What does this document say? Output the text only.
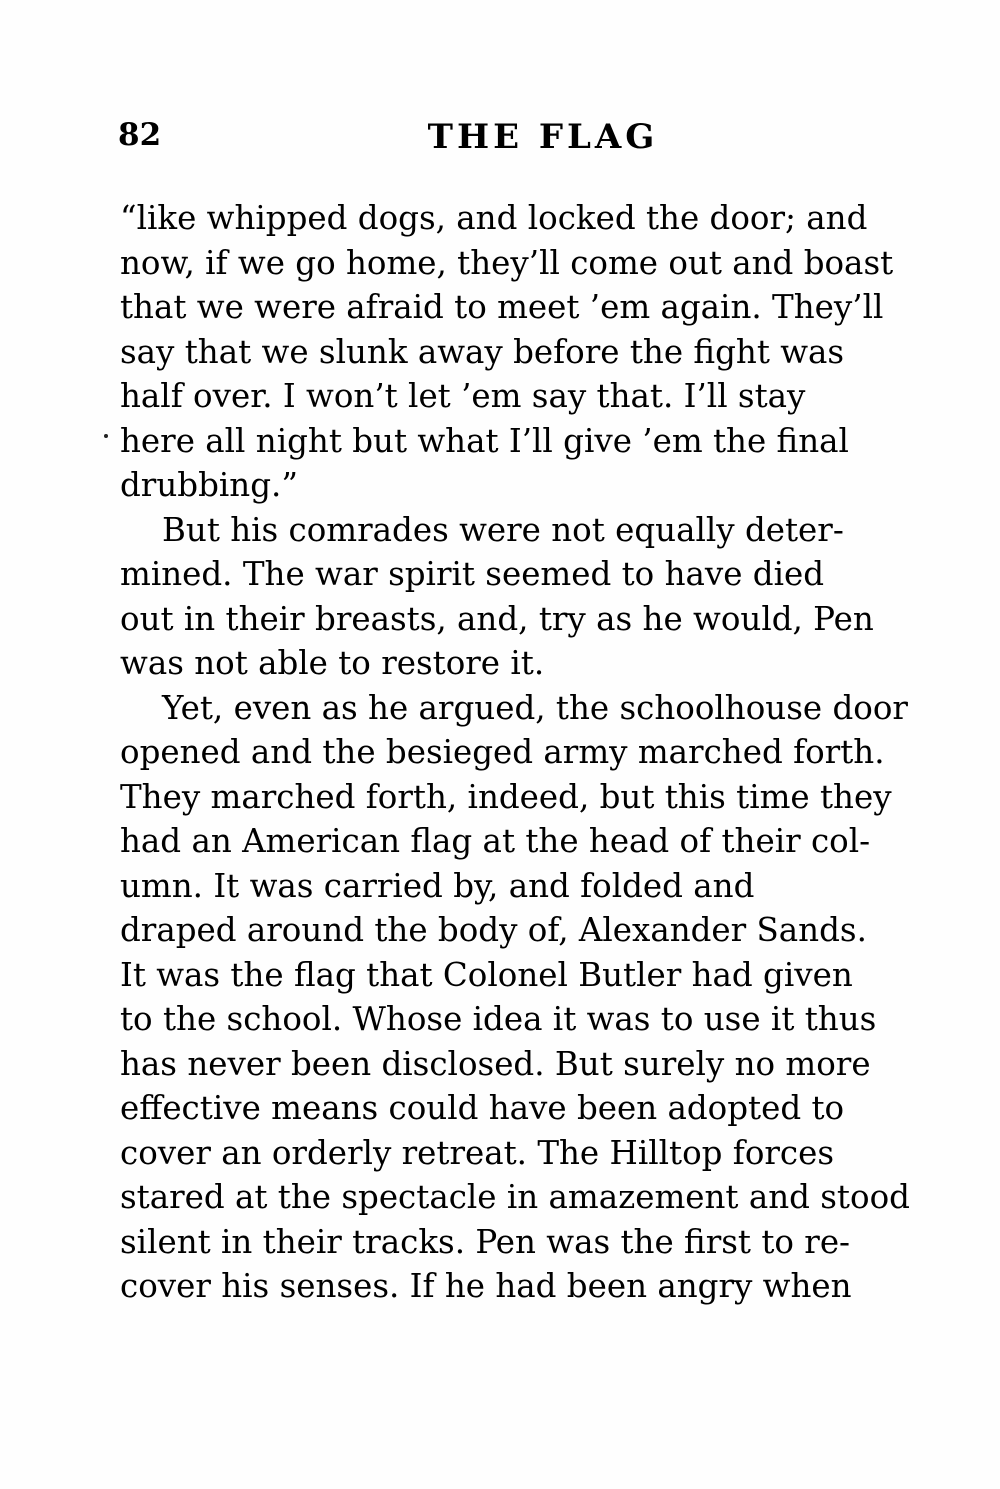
82	THE FLAG
“like whipped dogs, and locked the door; and
now, if we go home, they’ll come out and boast
that we were afraid to meet ’em again. They’ll
say that we slunk away before the fight was
half over. I won’t let ’em say that. I’ll stay
here all night but what I’ll give ’em the final
drubbing.”
But his comrades were not equally deter-
mined. The war spirit seemed to have died
out in their breasts, and, try as he would, Pen
was not able to restore it.
Yet, even as he argued, the schoolhouse door
opened and the besieged army marched forth.
They marched forth, indeed, but this time they
had an American flag at the head of their col-
umn. It was carried by, and folded and
draped around the body of, Alexander Sands.
It was the flag that Colonel Butler had given
to the school. Whose idea it was to use it thus
has never been disclosed. But surely no more
effective means could have been adopted to
cover an orderly retreat. The Hilltop forces
stared at the spectacle in amazement and stood
silent in their tracks. Pen was the first to re-
cover his senses. If he had been angry when
